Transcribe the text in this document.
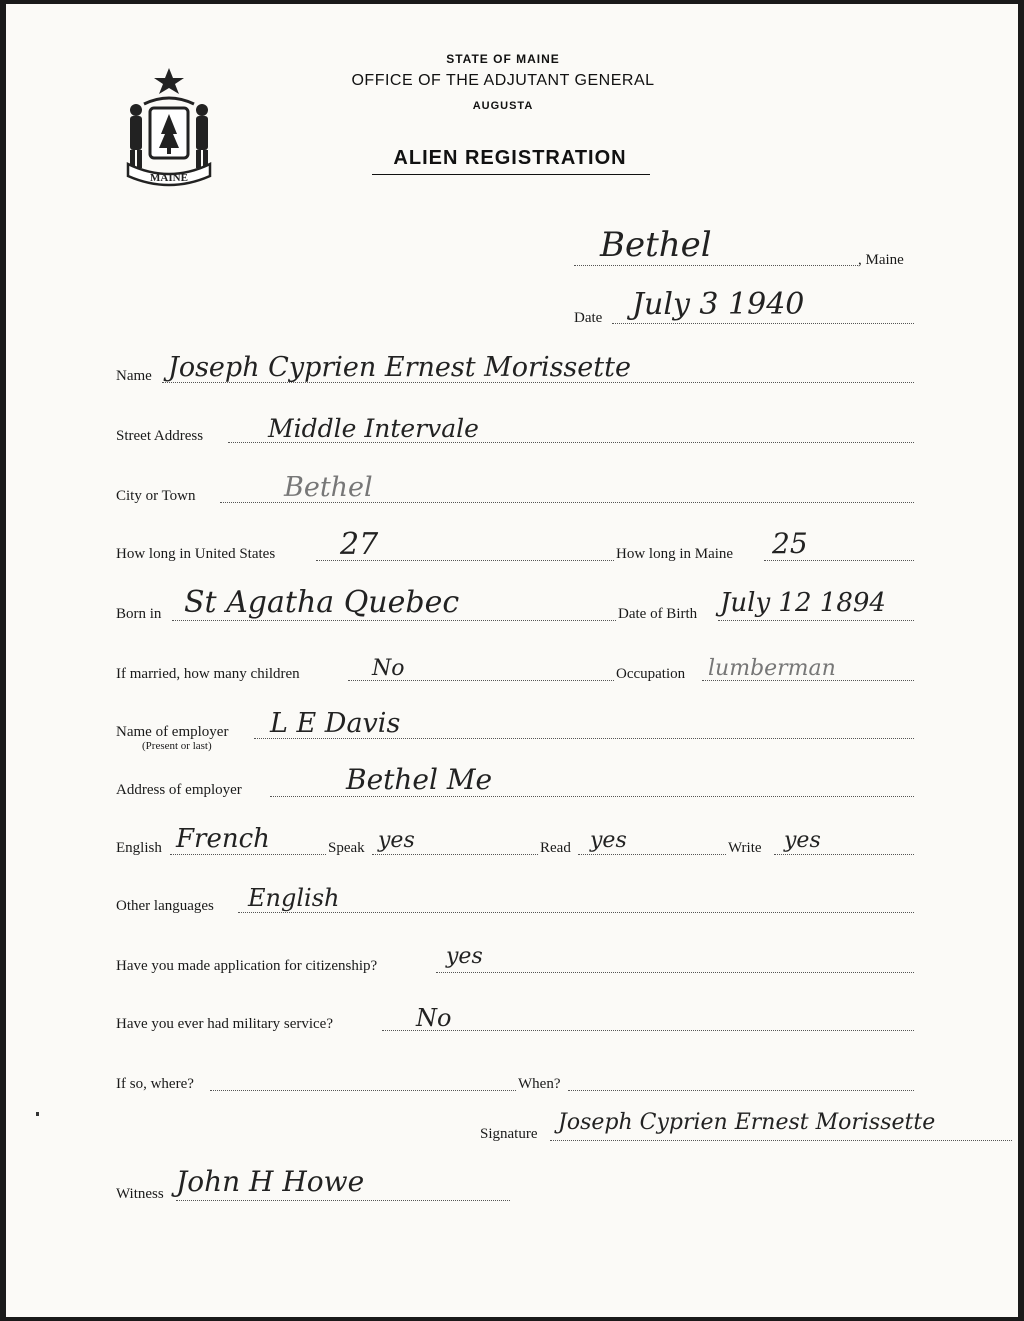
MAINE
STATE OF MAINE
OFFICE OF THE ADJUTANT GENERAL
AUGUSTA
ALIEN REGISTRATION
Bethel	, Maine
Date July 3 1940
Name Joseph Cyprien Ernest Morissette
Street Address	Middle Intervale
City or Town	Bethel
How long in United States 27	How long in Maine 25
Born in St Agatha Quebec	Date of Birth July 12 1894
If married, how many children	No	Occupation lumberman
Name of employer
(Present or last)
L E Davis
Address of employer	Bethel Me
English French	Speak yes	Read yes	Write yes
Other languages English
Have you made application for citizenship?	yes
Have you ever had military service?	No
If so, where?	When?
Signature Joseph Cyprien Ernest Morissette
Witness John H Howe
